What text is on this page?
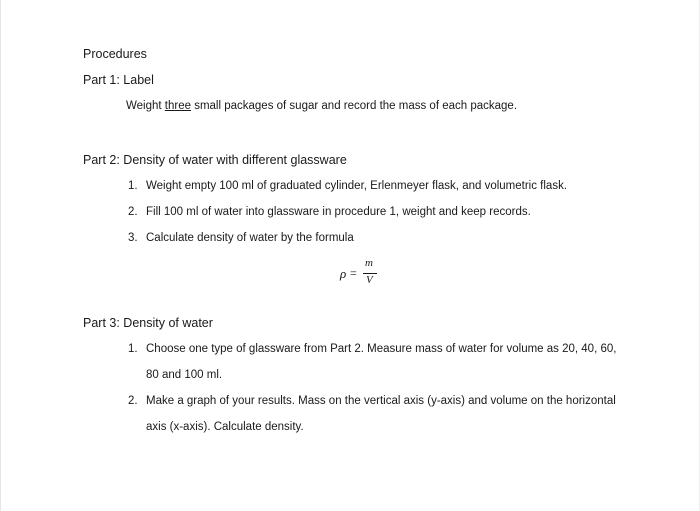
Procedures
Part 1: Label
Weight three small packages of sugar and record the mass of each package.
Part 2: Density of water with different glassware
1. Weight empty 100 ml of graduated cylinder, Erlenmeyer flask, and volumetric flask.
2. Fill 100 ml of water into glassware in procedure 1, weight and keep records.
3. Calculate density of water by the formula
ρ =
m
V
Part 3: Density of water
1. Choose one type of glassware from Part 2. Measure mass of water for volume as 20, 40, 60,
80 and 100 ml.
2. Make a graph of your results. Mass on the vertical axis (y-axis) and volume on the horizontal
axis (x-axis). Calculate density.
